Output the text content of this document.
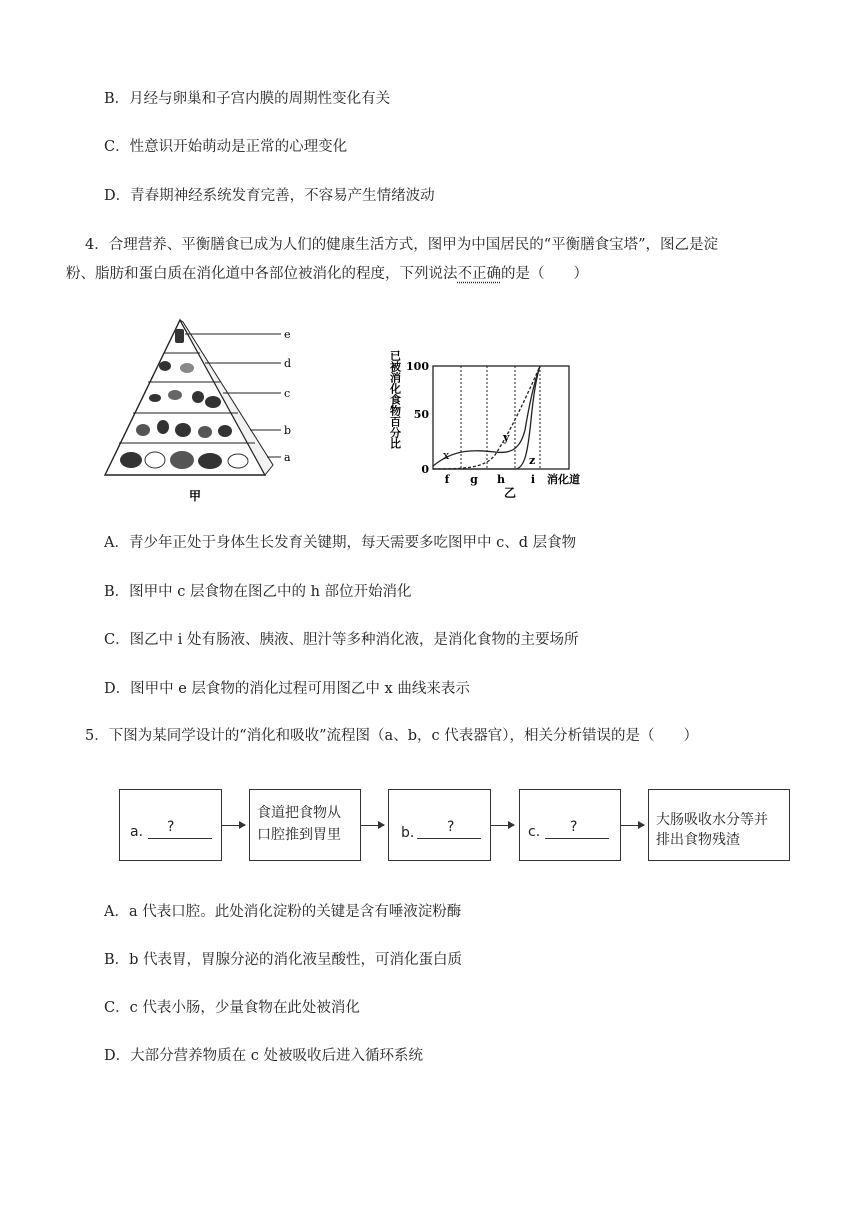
B．月经与卵巢和子宫内膜的周期性变化有关
C．性意识开始萌动是正常的心理变化
D．青春期神经系统发育完善，不容易产生情绪波动
4．合理营养、平衡膳食已成为人们的健康生活方式，图甲为中国居民的“平衡膳食宝塔”，图乙是淀
粉、脂肪和蛋白质在消化道中各部位被消化的程度，下列说法不正确的是（　　）
e
d
c
b
a
甲
已被消化食物百分比 100
50
0
x
y
z
f g h i 消化道
乙
A．青少年正处于身体生长发育关键期，每天需要多吃图甲中 c、d 层食物
B．图甲中 c 层食物在图乙中的 h 部位开始消化
C．图乙中 i 处有肠液、胰液、胆汁等多种消化液，是消化食物的主要场所
D．图甲中 e 层食物的消化过程可用图乙中 x 曲线来表示
5．下图为某同学设计的“消化和吸收”流程图（a、b，c 代表器官），相关分析错误的是（　　）
a. ?
食道把食物从
口腔推到胃里	b. ?	c. ?	大肠吸收水分等并
排出食物残渣
A．a 代表口腔。此处消化淀粉的关键是含有唾液淀粉酶
B．b 代表胃，胃腺分泌的消化液呈酸性，可消化蛋白质
C．c 代表小肠，少量食物在此处被消化
D．大部分营养物质在 c 处被吸收后进入循环系统
